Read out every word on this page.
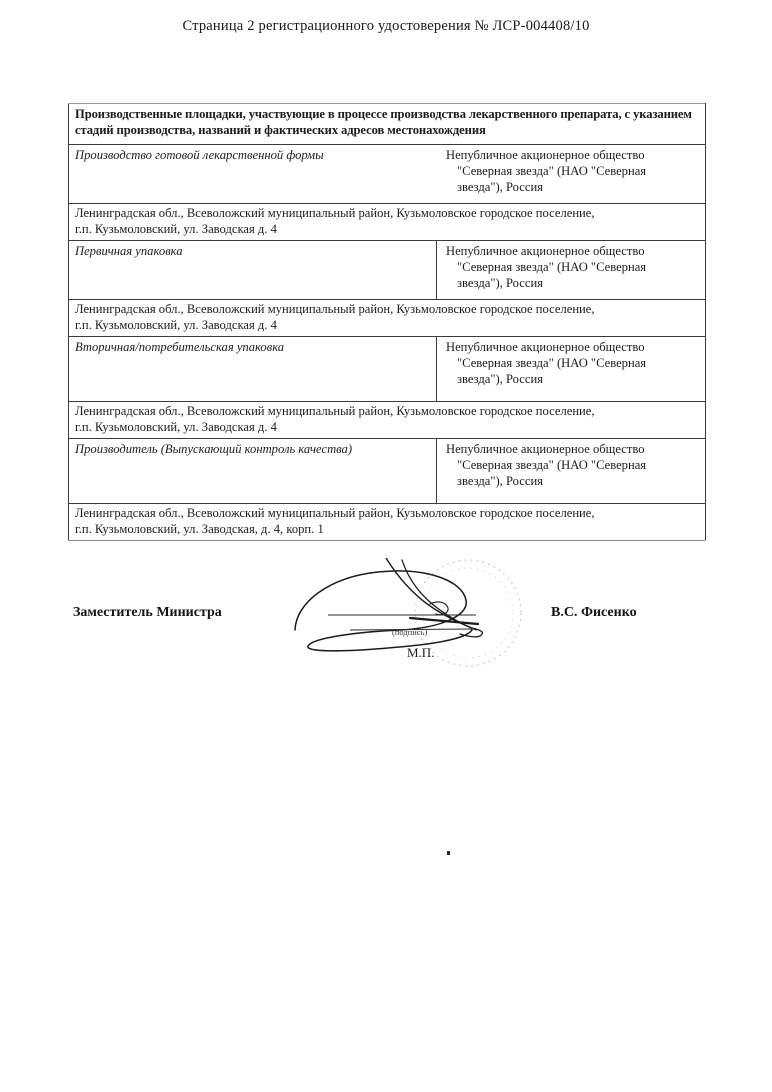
Страница 2 регистрационного удостоверения № ЛСР-004408/10
Производственные площадки, участвующие в процессе производства лекарственного препарата, с указанием стадий производства, названий и фактических адресов местонахождения	
Производство готовой лекарственной формы	Непубличное акционерное общество
"Северная звезда" (НАО "Северная
звезда"), Россия

Ленинградская обл., Всеволожский муниципальный район, Кузьмоловское городское поселение,
г.п. Кузьмоловский, ул. Заводская д. 4	

Первичная упаковка	Непубличное акционерное общество
"Северная звезда" (НАО "Северная
звезда"), Россия

Ленинградская обл., Всеволожский муниципальный район, Кузьмоловское городское поселение,
г.п. Кузьмоловский, ул. Заводская д. 4	

Вторичная/потребительская упаковка	Непубличное акционерное общество
"Северная звезда" (НАО "Северная
звезда"), Россия

Ленинградская обл., Всеволожский муниципальный район, Кузьмоловское городское поселение,
г.п. Кузьмоловский, ул. Заводская д. 4	

Производитель (Выпускающий контроль качества)	Непубличное акционерное общество
"Северная звезда" (НАО "Северная
звезда"), Россия

Ленинградская обл., Всеволожский муниципальный район, Кузьмоловское городское поселение,
г.п. Кузьмоловский, ул. Заводская, д. 4, корп. 1	
Заместитель Министра	В.С. Фисенко
(подпись)
М.П.
